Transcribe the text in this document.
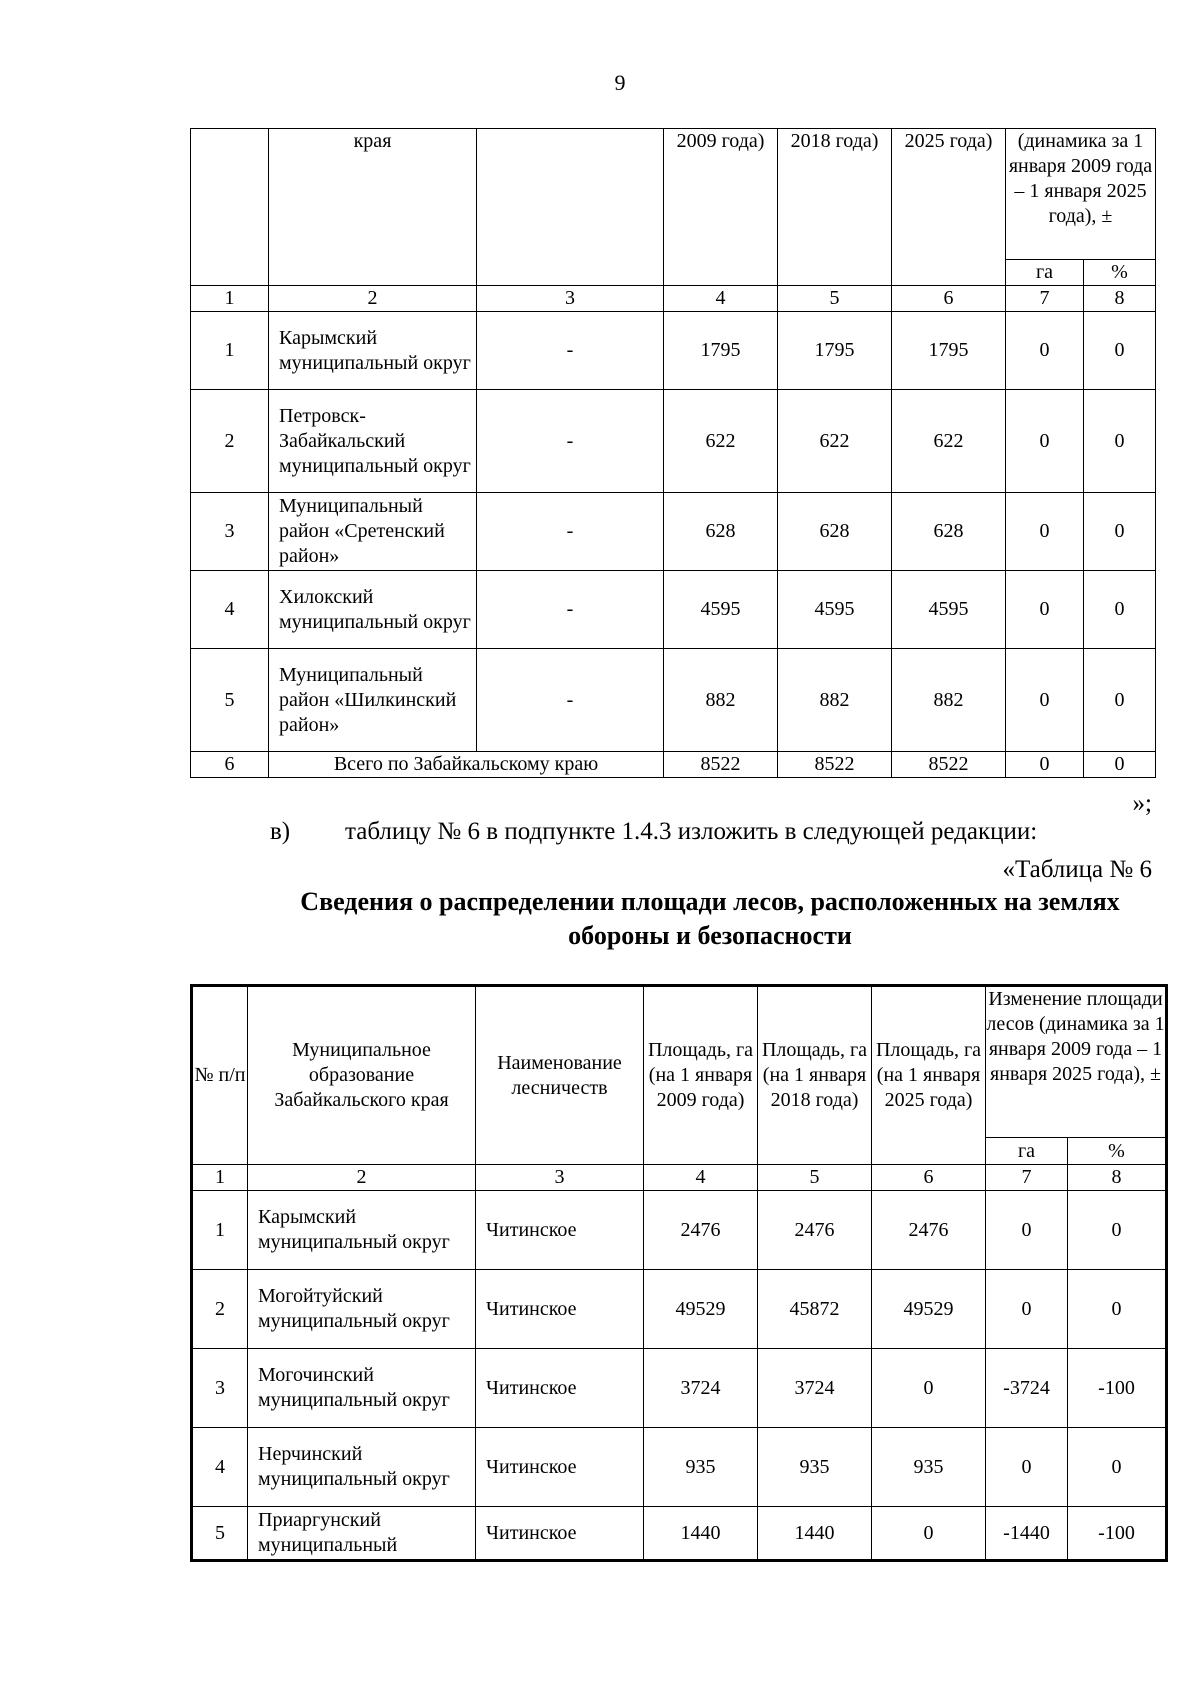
9
	края		2009 года)	2018 года)	2025 года)	(динамика за 1 января 2009 года – 1 января 2025 года), ±	
						га	%
1	2	3	4	5	6	7	8
1	Карымский муниципальный округ	-	1795	1795	1795	0	0
2	Петровск-Забайкальский муниципальный округ	-	622	622	622	0	0
3	Муниципальный район «Сретенский район»	-	628	628	628	0	0
4	Хилокский муниципальный округ	-	4595	4595	4595	0	0
5	Муниципальный район «Шилкинский район»	-	882	882	882	0	0
6	Всего по Забайкальскому краю		8522	8522	8522	0	0
»;
в) таблицу № 6 в подпункте 1.4.3 изложить в следующей редакции:
«Таблица № 6
Сведения о распределении площади лесов, расположенных на землях обороны и безопасности
№ п/п	Муниципальное образование Забайкальского края	Наименование лесничеств	Площадь, га (на 1 января 2009 года)	Площадь, га (на 1 января 2018 года)	Площадь, га (на 1 января 2025 года)	Изменение площади лесов (динамика за 1 января 2009 года – 1 января 2025 года), ±	
						га	%
1	2	3	4	5	6	7	8
1	Карымский муниципальный округ	Читинское	2476	2476	2476	0	0
2	Могойтуйский муниципальный округ	Читинское	49529	45872	49529	0	0
3	Могочинский муниципальный округ	Читинское	3724	3724	0	-3724	-100
4	Нерчинский муниципальный округ	Читинское	935	935	935	0	0
5	Приаргунский муниципальный	Читинское	1440	1440	0	-1440	-100
